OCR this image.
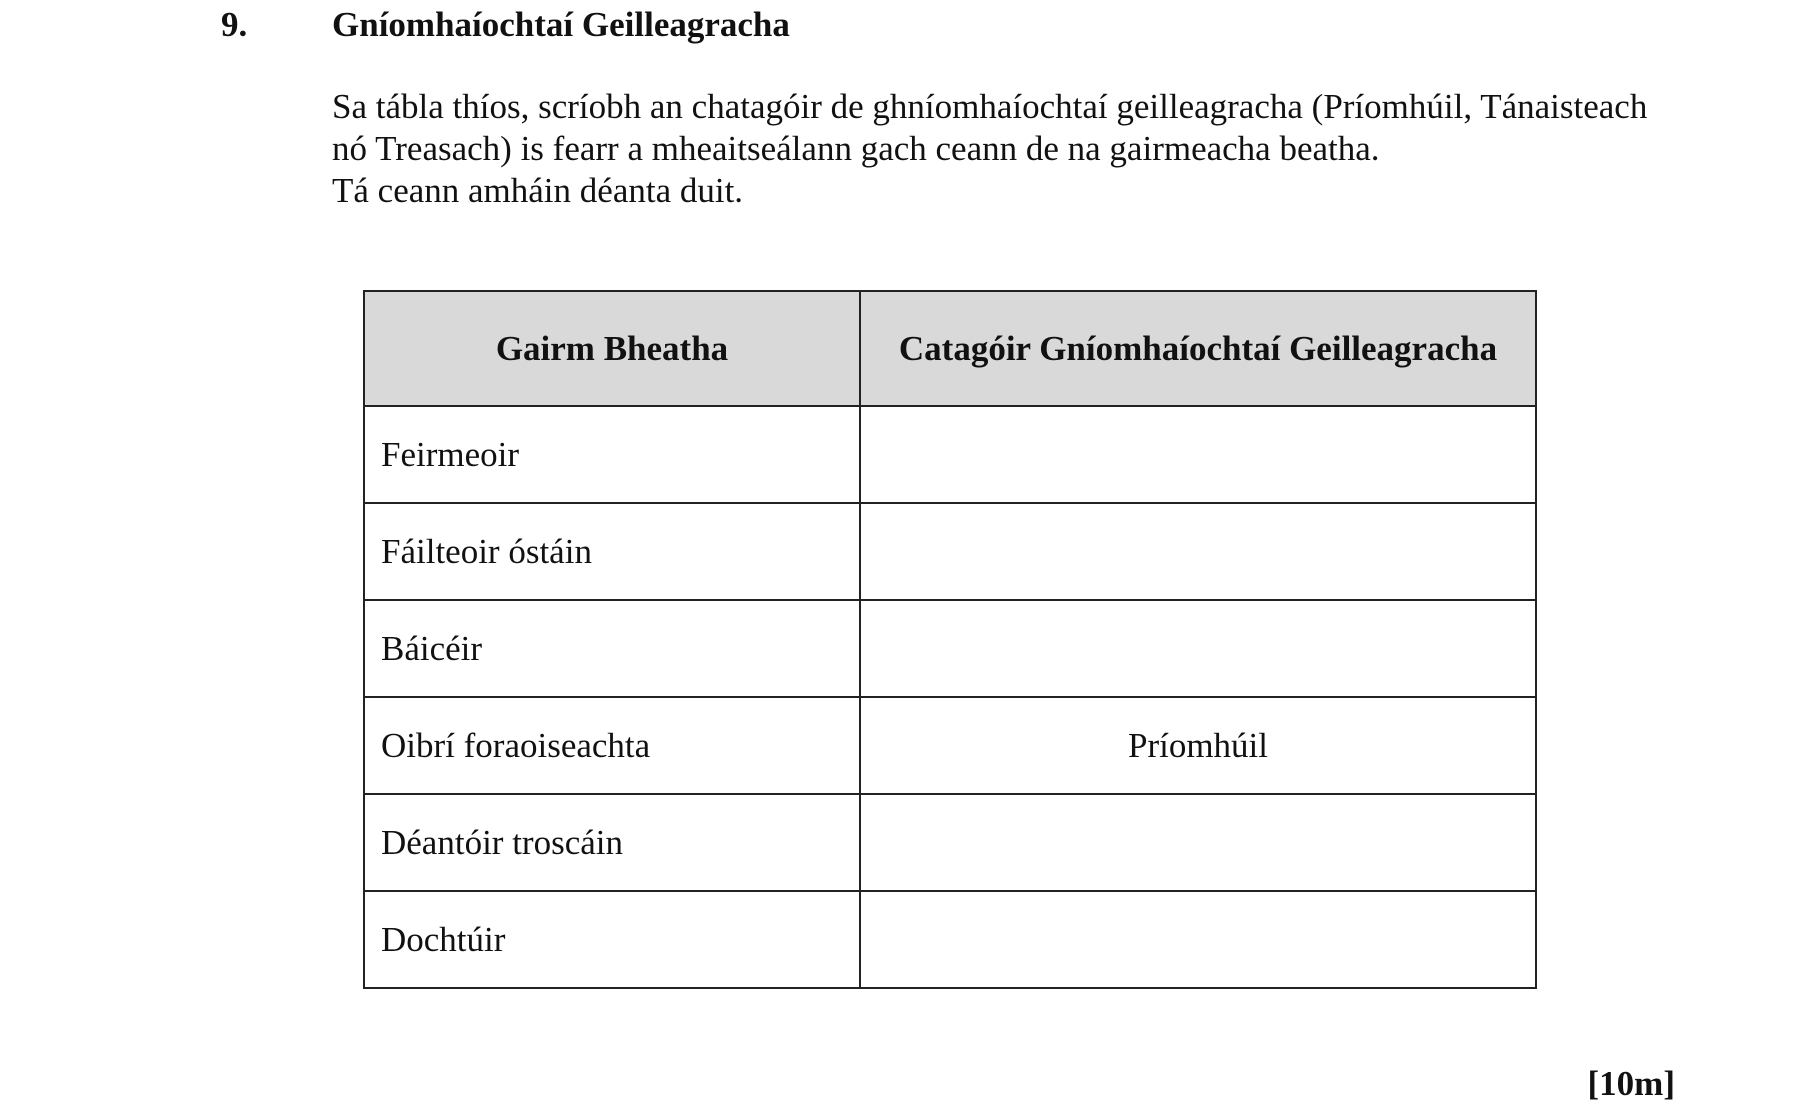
9. Gníomhaíochtaí Geilleagracha

Sa tábla thíos, scríobh an chatagóir de ghníomhaíochtaí geilleagracha (Príomhúil, Tánaisteach

nó Treasach) is fearr a mheaitseálann gach ceann de na gairmeacha beatha.

Tá ceann amháin déanta duit.

Gairm Bheatha	Catagóir Gníomhaíochtaí Geilleagracha
Feirmeoir	
Fáilteoir óstáin	
Báicéir	
Oibrí foraoiseachta	Príomhúil
Déantóir troscáin	
Dochtúir	
[10m]
